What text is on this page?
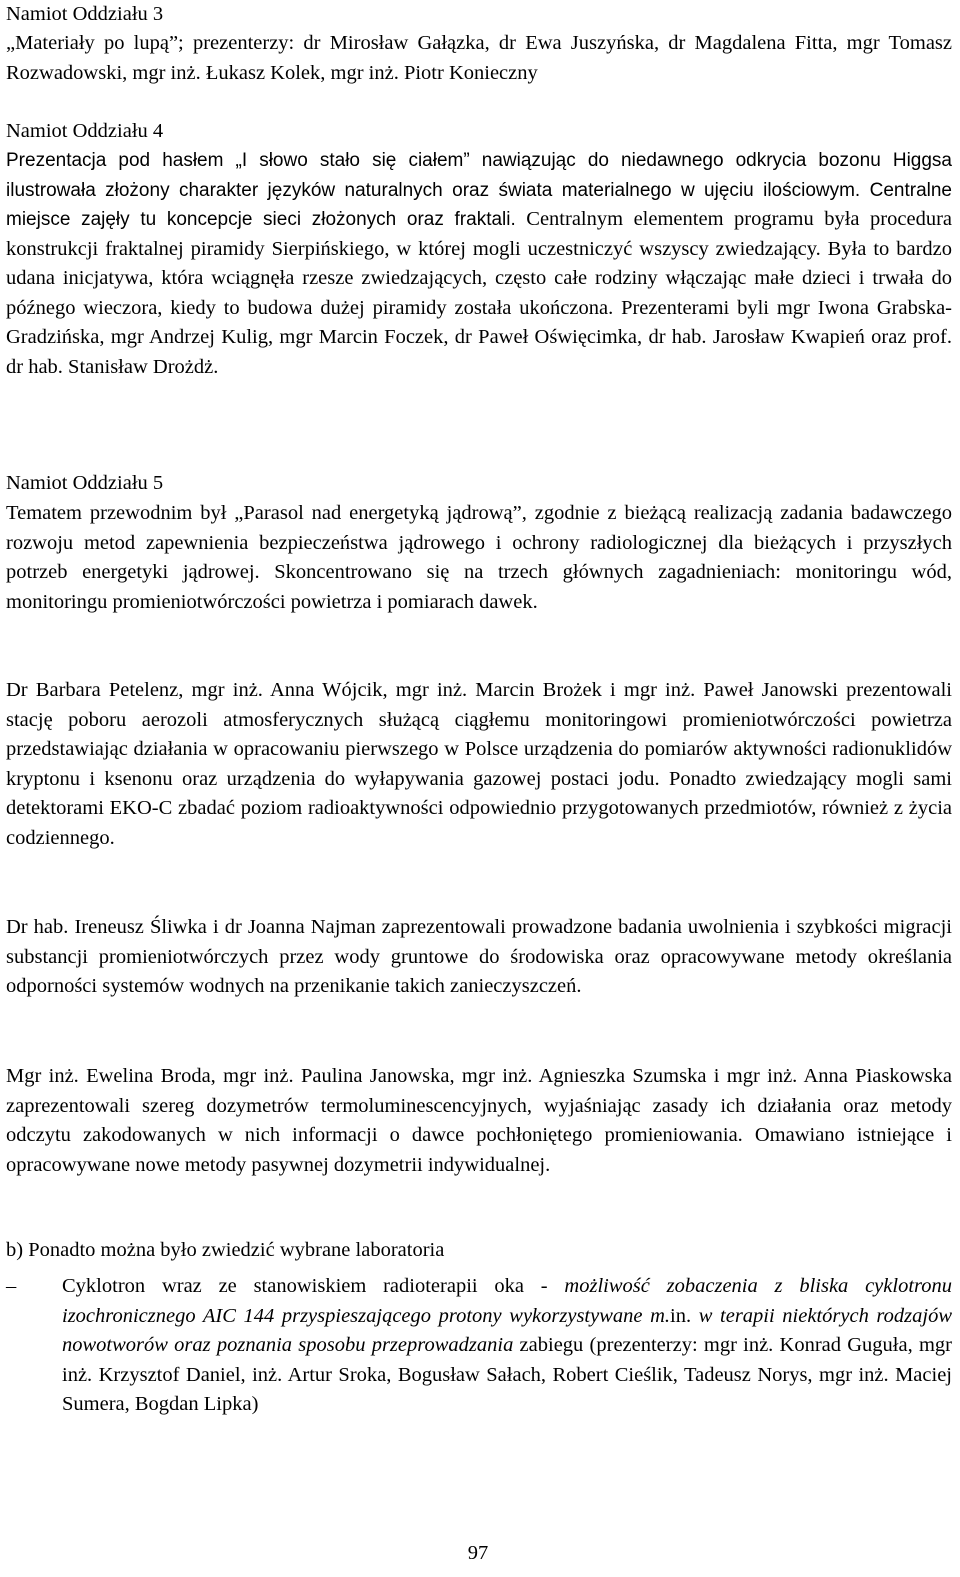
Namiot Oddziału 3

„Materiały po lupą”; prezenterzy: dr Mirosław Gałązka, dr Ewa Juszyńska, dr Magdalena Fitta, mgr Tomasz Rozwadowski, mgr inż. Łukasz Kolek, mgr inż. Piotr Konieczny

Namiot Oddziału 4

Prezentacja pod hasłem „I słowo stało się ciałem” nawiązując do niedawnego odkrycia bozonu Higgsa ilustrowała złożony charakter języków naturalnych oraz świata materialnego w ujęciu ilościowym. Centralne miejsce zajęły tu koncepcje sieci złożonych oraz fraktali. Centralnym elementem programu była procedura konstrukcji fraktalnej piramidy Sierpińskiego, w której mogli uczestniczyć wszyscy zwiedzający. Była to bardzo udana inicjatywa, która wciągnęła rzesze zwiedzających, często całe rodziny włączając małe dzieci i trwała do późnego wieczora, kiedy to budowa dużej piramidy została ukończona. Prezenterami byli mgr Iwona Grabska-Gradzińska, mgr Andrzej Kulig, mgr Marcin Foczek, dr Paweł Oświęcimka, dr hab. Jarosław Kwapień oraz prof. dr hab. Stanisław Drożdż.

Namiot Oddziału 5

Tematem przewodnim był „Parasol nad energetyką jądrową”, zgodnie z bieżącą realizacją zadania badawczego rozwoju metod zapewnienia bezpieczeństwa jądrowego i ochrony radiologicznej dla bieżących i przyszłych potrzeb energetyki jądrowej. Skoncentrowano się na trzech głównych zagadnieniach: monitoringu wód, monitoringu promieniotwórczości powietrza i pomiarach dawek.

Dr Barbara Petelenz, mgr inż. Anna Wójcik, mgr inż. Marcin Brożek i mgr inż. Paweł Janowski prezentowali stację poboru aerozoli atmosferycznych służącą ciągłemu monitoringowi promieniotwórczości powietrza przedstawiając działania w opracowaniu pierwszego w Polsce urządzenia do pomiarów aktywności radionuklidów kryptonu i ksenonu oraz urządzenia do wyłapywania gazowej postaci jodu. Ponadto zwiedzający mogli sami detektorami EKO-C zbadać poziom radioaktywności odpowiednio przygotowanych przedmiotów, również z życia codziennego.

Dr hab. Ireneusz Śliwka i dr Joanna Najman zaprezentowali prowadzone badania uwolnienia i szybkości migracji substancji promieniotwórczych przez wody gruntowe do środowiska oraz opracowywane metody określania odporności systemów wodnych na przenikanie takich zanieczyszczeń.

Mgr inż. Ewelina Broda, mgr inż. Paulina Janowska, mgr inż. Agnieszka Szumska i mgr inż. Anna Piaskowska zaprezentowali szereg dozymetrów termoluminescencyjnych, wyjaśniając zasady ich działania oraz metody odczytu zakodowanych w nich informacji o dawce pochłoniętego promieniowania. Omawiano istniejące i opracowywane nowe metody pasywnej dozymetrii indywidualnej.

b) Ponadto można było zwiedzić wybrane laboratoria

– Cyklotron wraz ze stanowiskiem radioterapii oka - możliwość zobaczenia z bliska cyklotronu izochronicznego AIC 144 przyspieszającego protony wykorzystywane m.in. w terapii niektórych rodzajów nowotworów oraz poznania sposobu przeprowadzania zabiegu (prezenterzy: mgr inż. Konrad Guguła, mgr inż. Krzysztof Daniel, inż. Artur Sroka, Bogusław Sałach, Robert Cieślik, Tadeusz Norys, mgr inż. Maciej Sumera, Bogdan Lipka)

97
